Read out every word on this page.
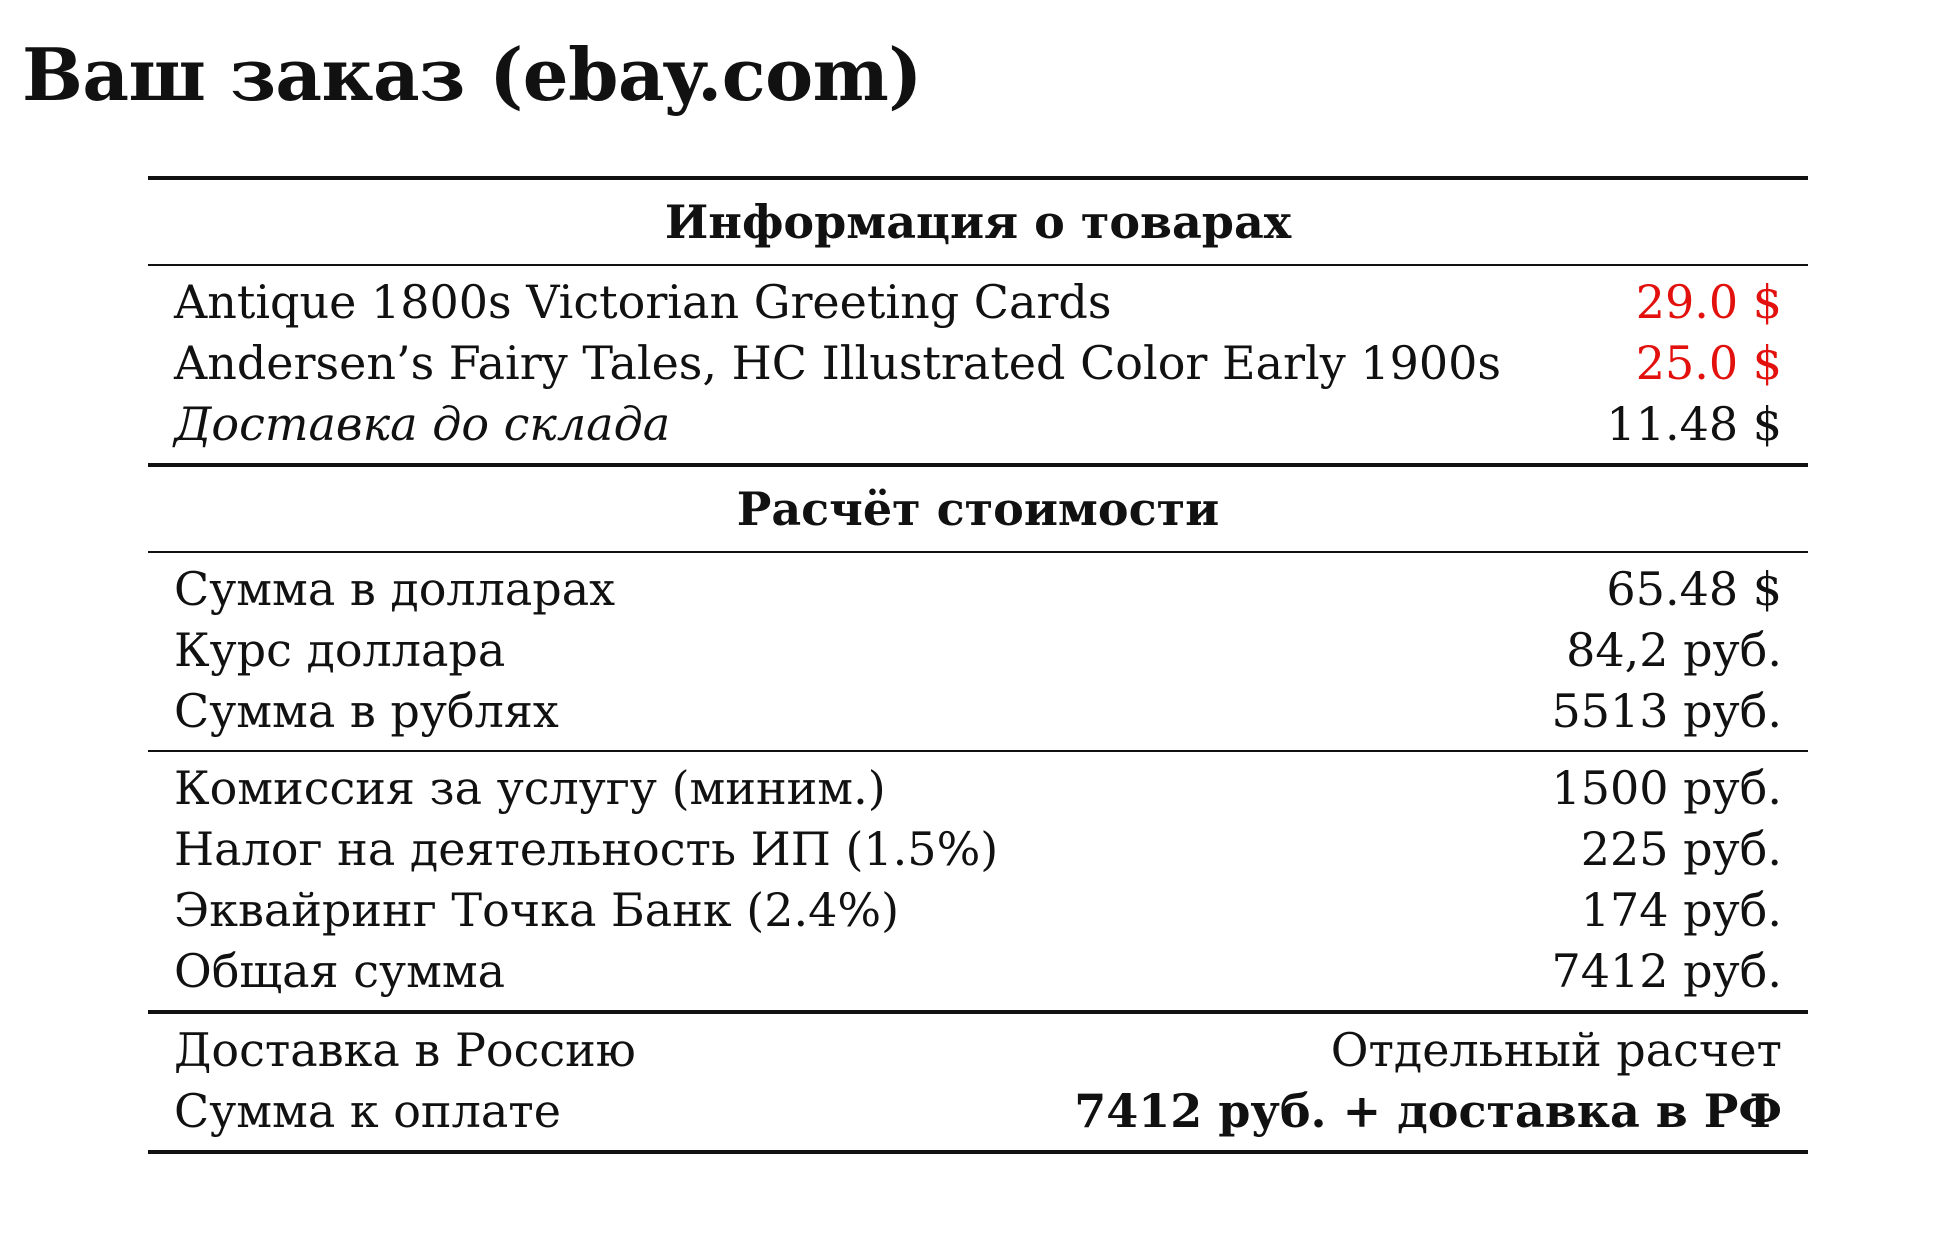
Ваш заказ (ebay.com)
Информация о товарах
Antique 1800s Victorian Greeting Cards	29.0 $
Andersen’s Fairy Tales, HC Illustrated Color Early 1900s	25.0 $
Доставка до склада	11.48 $
Расчёт стоимости
Сумма в долларах	65.48 $
Курс доллара	84,2 руб.
Сумма в рублях	5513 руб.
Комиссия за услугу (миним.)	1500 руб.
Налог на деятельность ИП (1.5%)	225 руб.
Эквайринг Точка Банк (2.4%)	174 руб.
Общая сумма	7412 руб.
Доставка в Россию	Отдельный расчет
Сумма к оплате	7412 руб. + доставка в РФ
